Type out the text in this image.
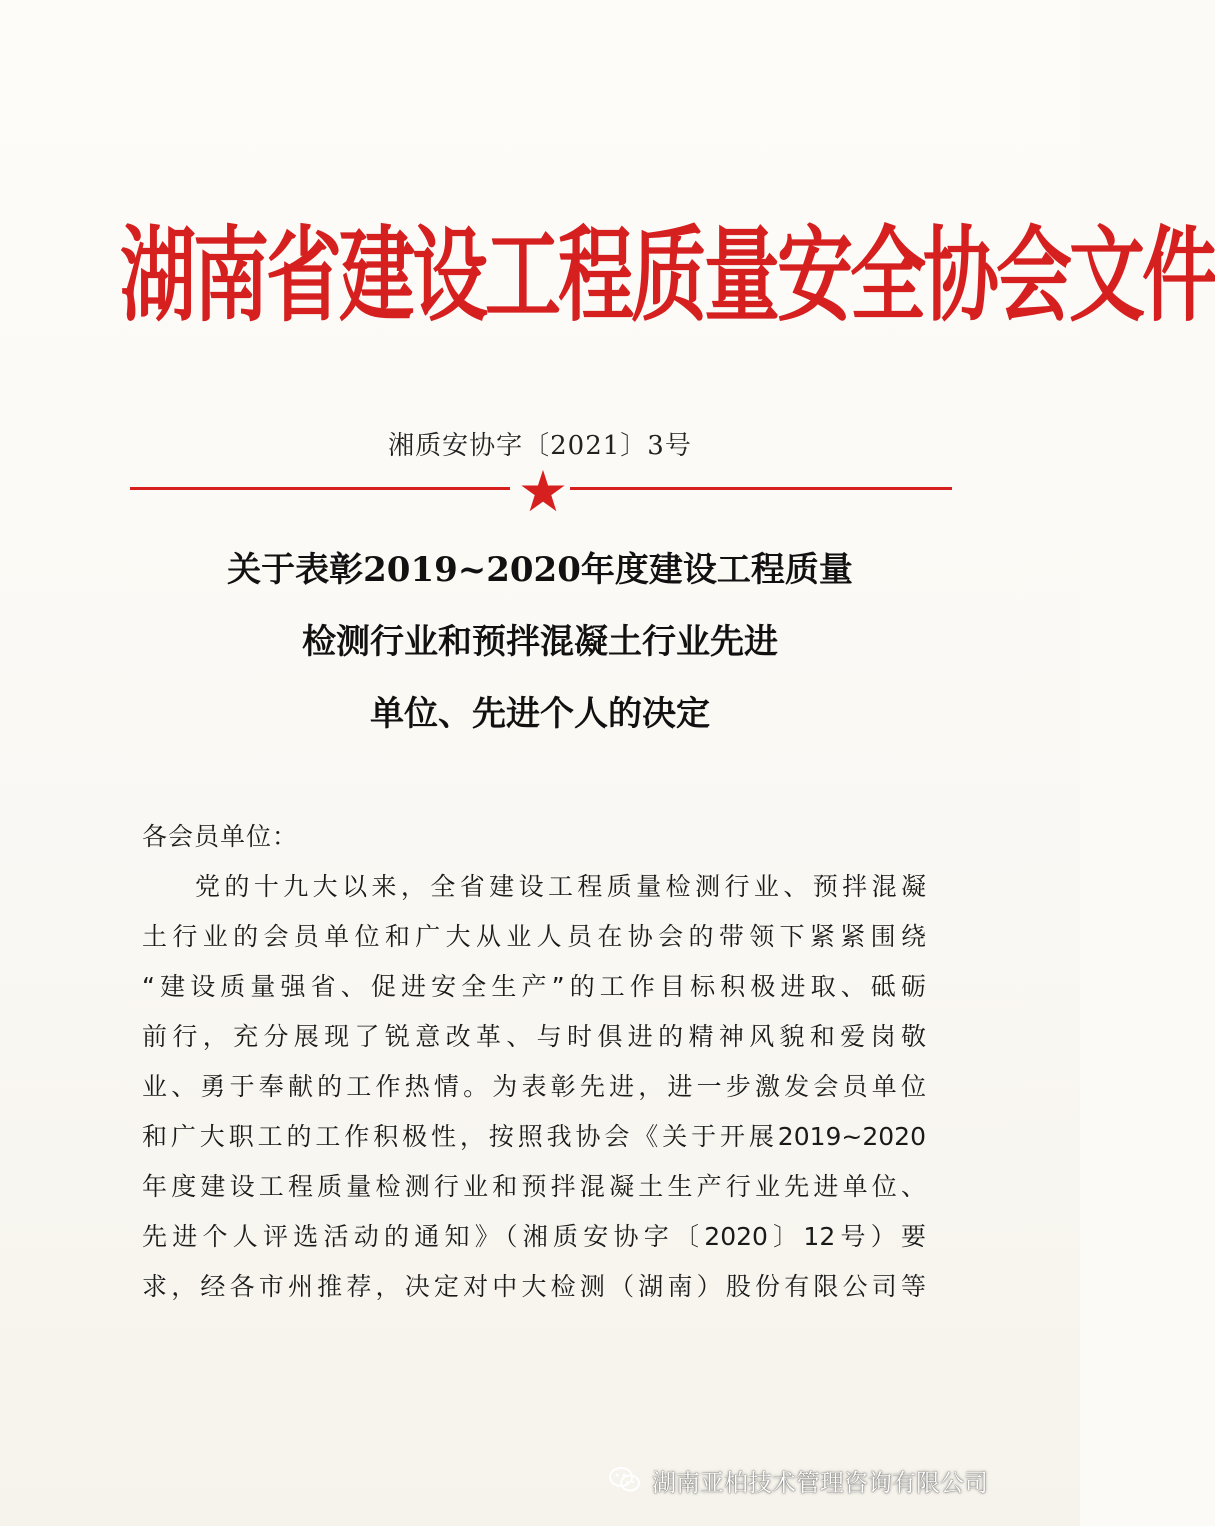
湖南省建设工程质量安全协会文件
湘质安协字〔2021〕3号
关于表彰2019~2020年度建设工程质量
检测行业和预拌混凝土行业先进
单位、先进个人的决定
各会员单位：
党的十九大以来，全省建设工程质量检测行业、预拌混凝
土行业的会员单位和广大从业人员在协会的带领下紧紧围绕
“建设质量强省、促进安全生产”的工作目标积极进取、砥砺
前行，充分展现了锐意改革、与时俱进的精神风貌和爱岗敬
业、勇于奉献的工作热情。为表彰先进，进一步激发会员单位
和广大职工的工作积极性，按照我协会《关于开展2019~2020
年度建设工程质量检测行业和预拌混凝土生产行业先进单位、
先进个人评选活动的通知》（湘质安协字〔2020〕12号）要
求，经各市州推荐，决定对中大检测（湖南）股份有限公司等
湖南亚柏技术管理咨询有限公司
